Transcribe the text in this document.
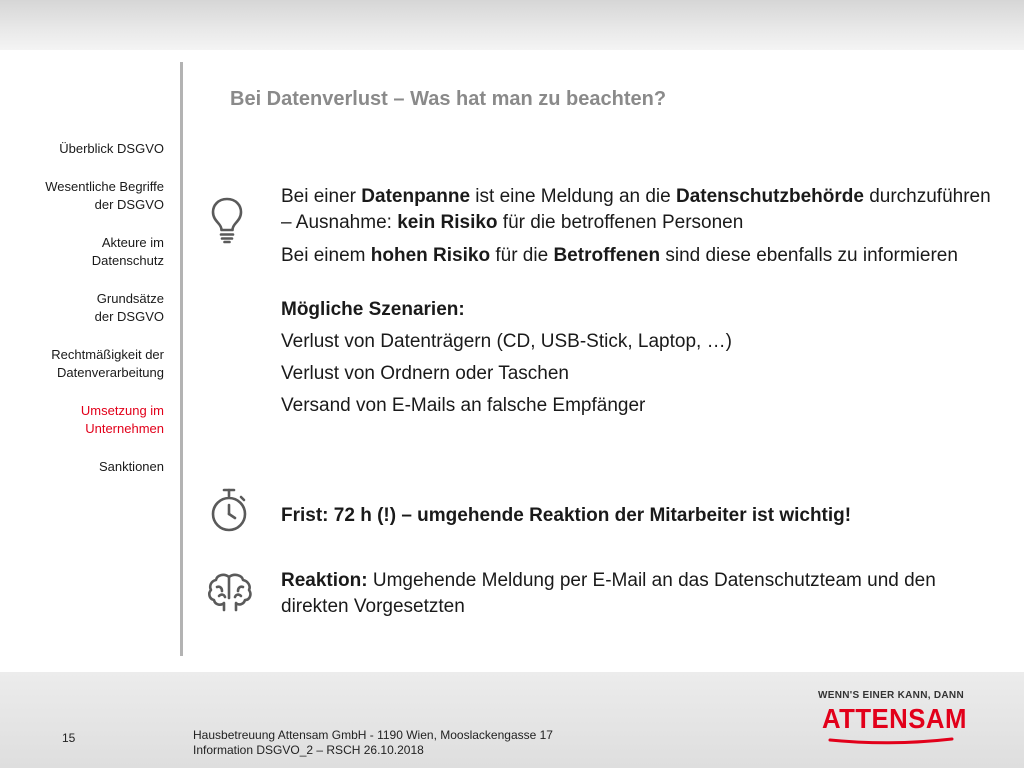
Bei Datenverlust – Was hat man zu beachten?
Überblick DSGVO
Wesentliche Begriffe
der DSGVO
Akteure im
Datenschutz
Grundsätze
der DSGVO
Rechtmäßigkeit der
Datenverarbeitung
Umsetzung im
Unternehmen
Sanktionen

Bei einer Datenpanne ist eine Meldung an die Datenschutzbehörde durchzuführen – Ausnahme: kein Risiko für die betroffenen Personen

Bei einem hohen Risiko für die Betroffenen sind diese ebenfalls zu informieren

Mögliche Szenarien:

Verlust von Datenträgern (CD, USB-Stick, Laptop, …)

Verlust von Ordnern oder Taschen

Versand von E-Mails an falsche Empfänger

Frist: 72 h (!) – umgehende Reaktion der Mitarbeiter ist wichtig!

Reaktion: Umgehende Meldung per E-Mail an das Datenschutzteam und den direkten Vorgesetzten

15	Hausbetreuung Attensam GmbH - 1190 Wien, Mooslackengasse 17
Information DSGVO_2 – RSCH 26.10.2018
WENN'S EINER KANN, DANN
ATTENSAM
